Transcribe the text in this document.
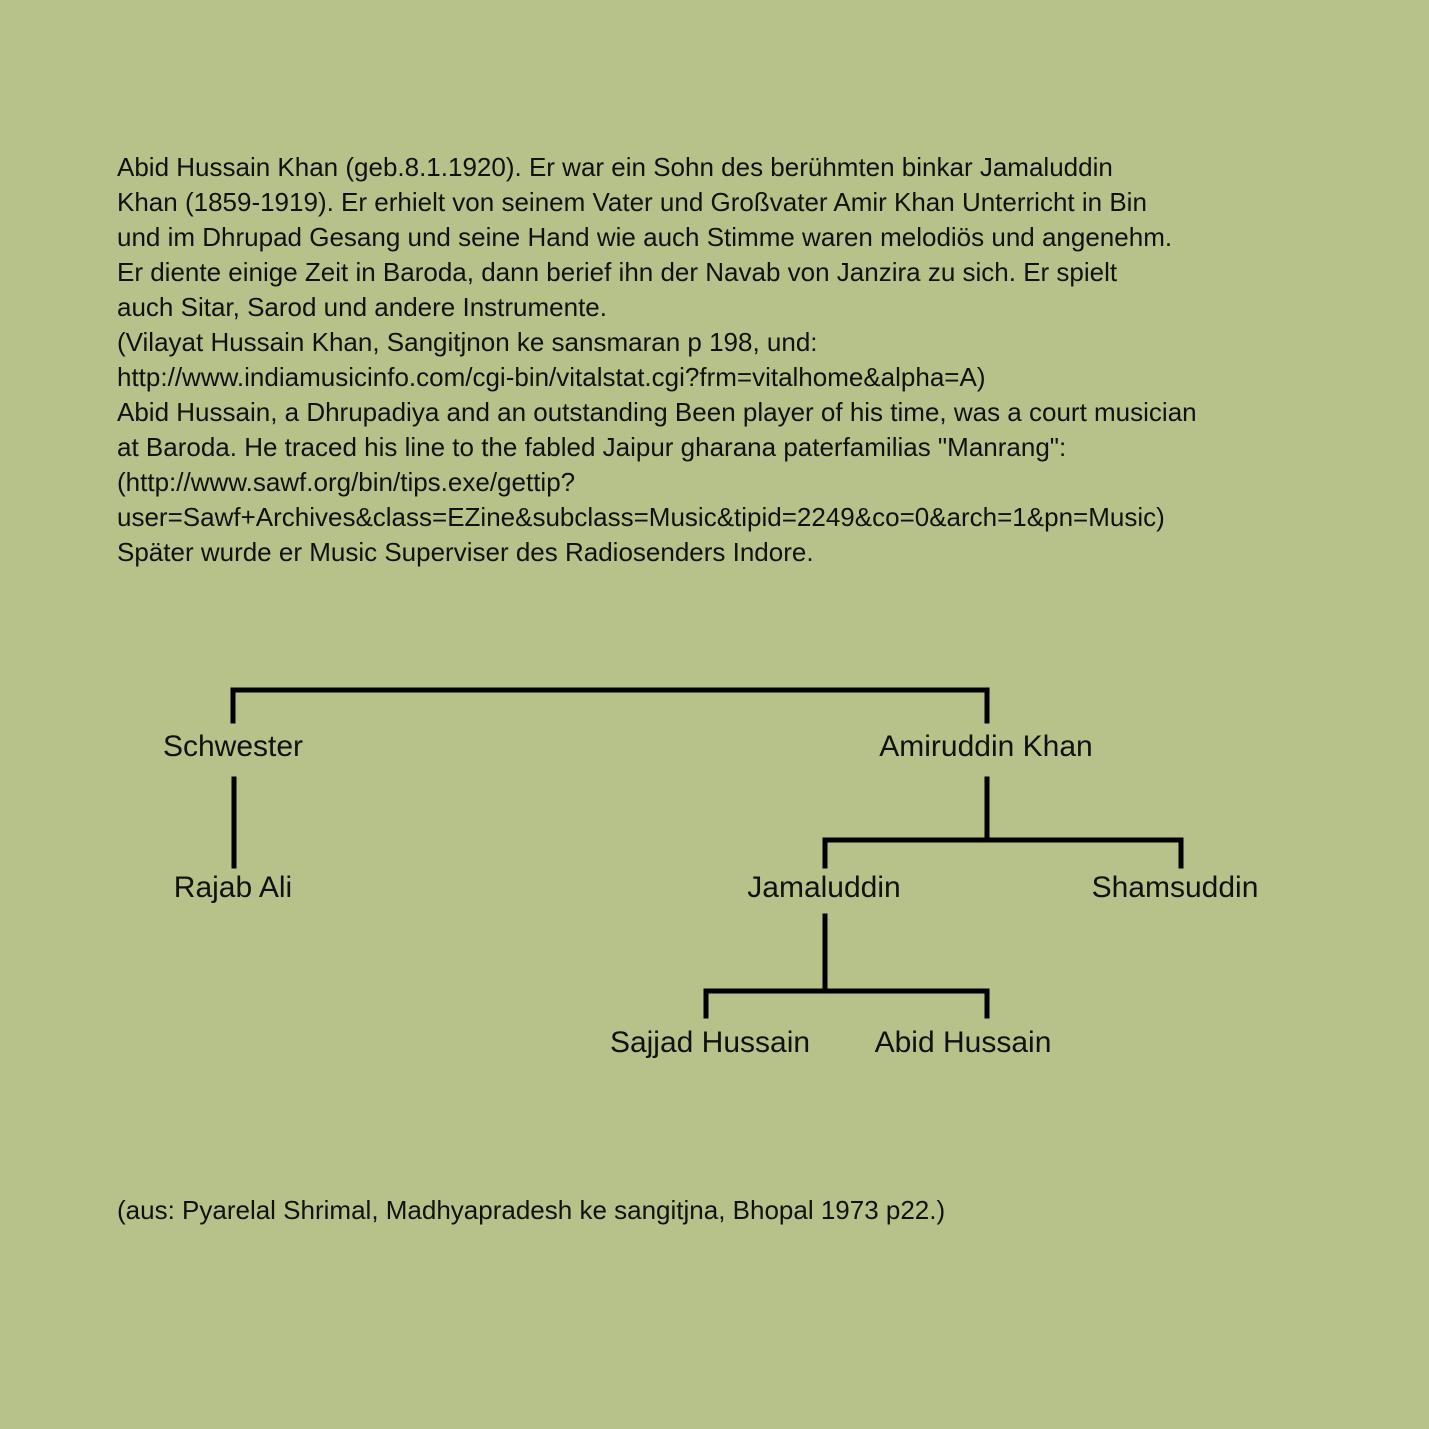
Abid Hussain Khan (geb.8.1.1920). Er war ein Sohn des berühmten binkar Jamaluddin
Khan (1859-1919). Er erhielt von seinem Vater und Großvater Amir Khan Unterricht in Bin
und im Dhrupad Gesang und seine Hand wie auch Stimme waren melodiös und angenehm.
Er diente einige Zeit in Baroda, dann berief ihn der Navab von Janzira zu sich. Er spielt
auch Sitar, Sarod und andere Instrumente.
(Vilayat Hussain Khan, Sangitjnon ke sansmaran p 198, und:
http://www.indiamusicinfo.com/cgi-bin/vitalstat.cgi?frm=vitalhome&alpha=A)
Abid Hussain, a Dhrupadiya and an outstanding Been player of his time, was a court musician
at Baroda. He traced his line to the fabled Jaipur gharana paterfamilias "Manrang":
(http://www.sawf.org/bin/tips.exe/gettip?
user=Sawf+Archives&class=EZine&subclass=Music&tipid=2249&co=0&arch=1&pn=Music)
Später wurde er Music Superviser des Radiosenders Indore.
Schwester	Amiruddin Khan
Rajab Ali	Jamaluddin	Shamsuddin
Sajjad Hussain Abid Hussain
(aus: Pyarelal Shrimal, Madhyapradesh ke sangitjna, Bhopal 1973 p22.)
